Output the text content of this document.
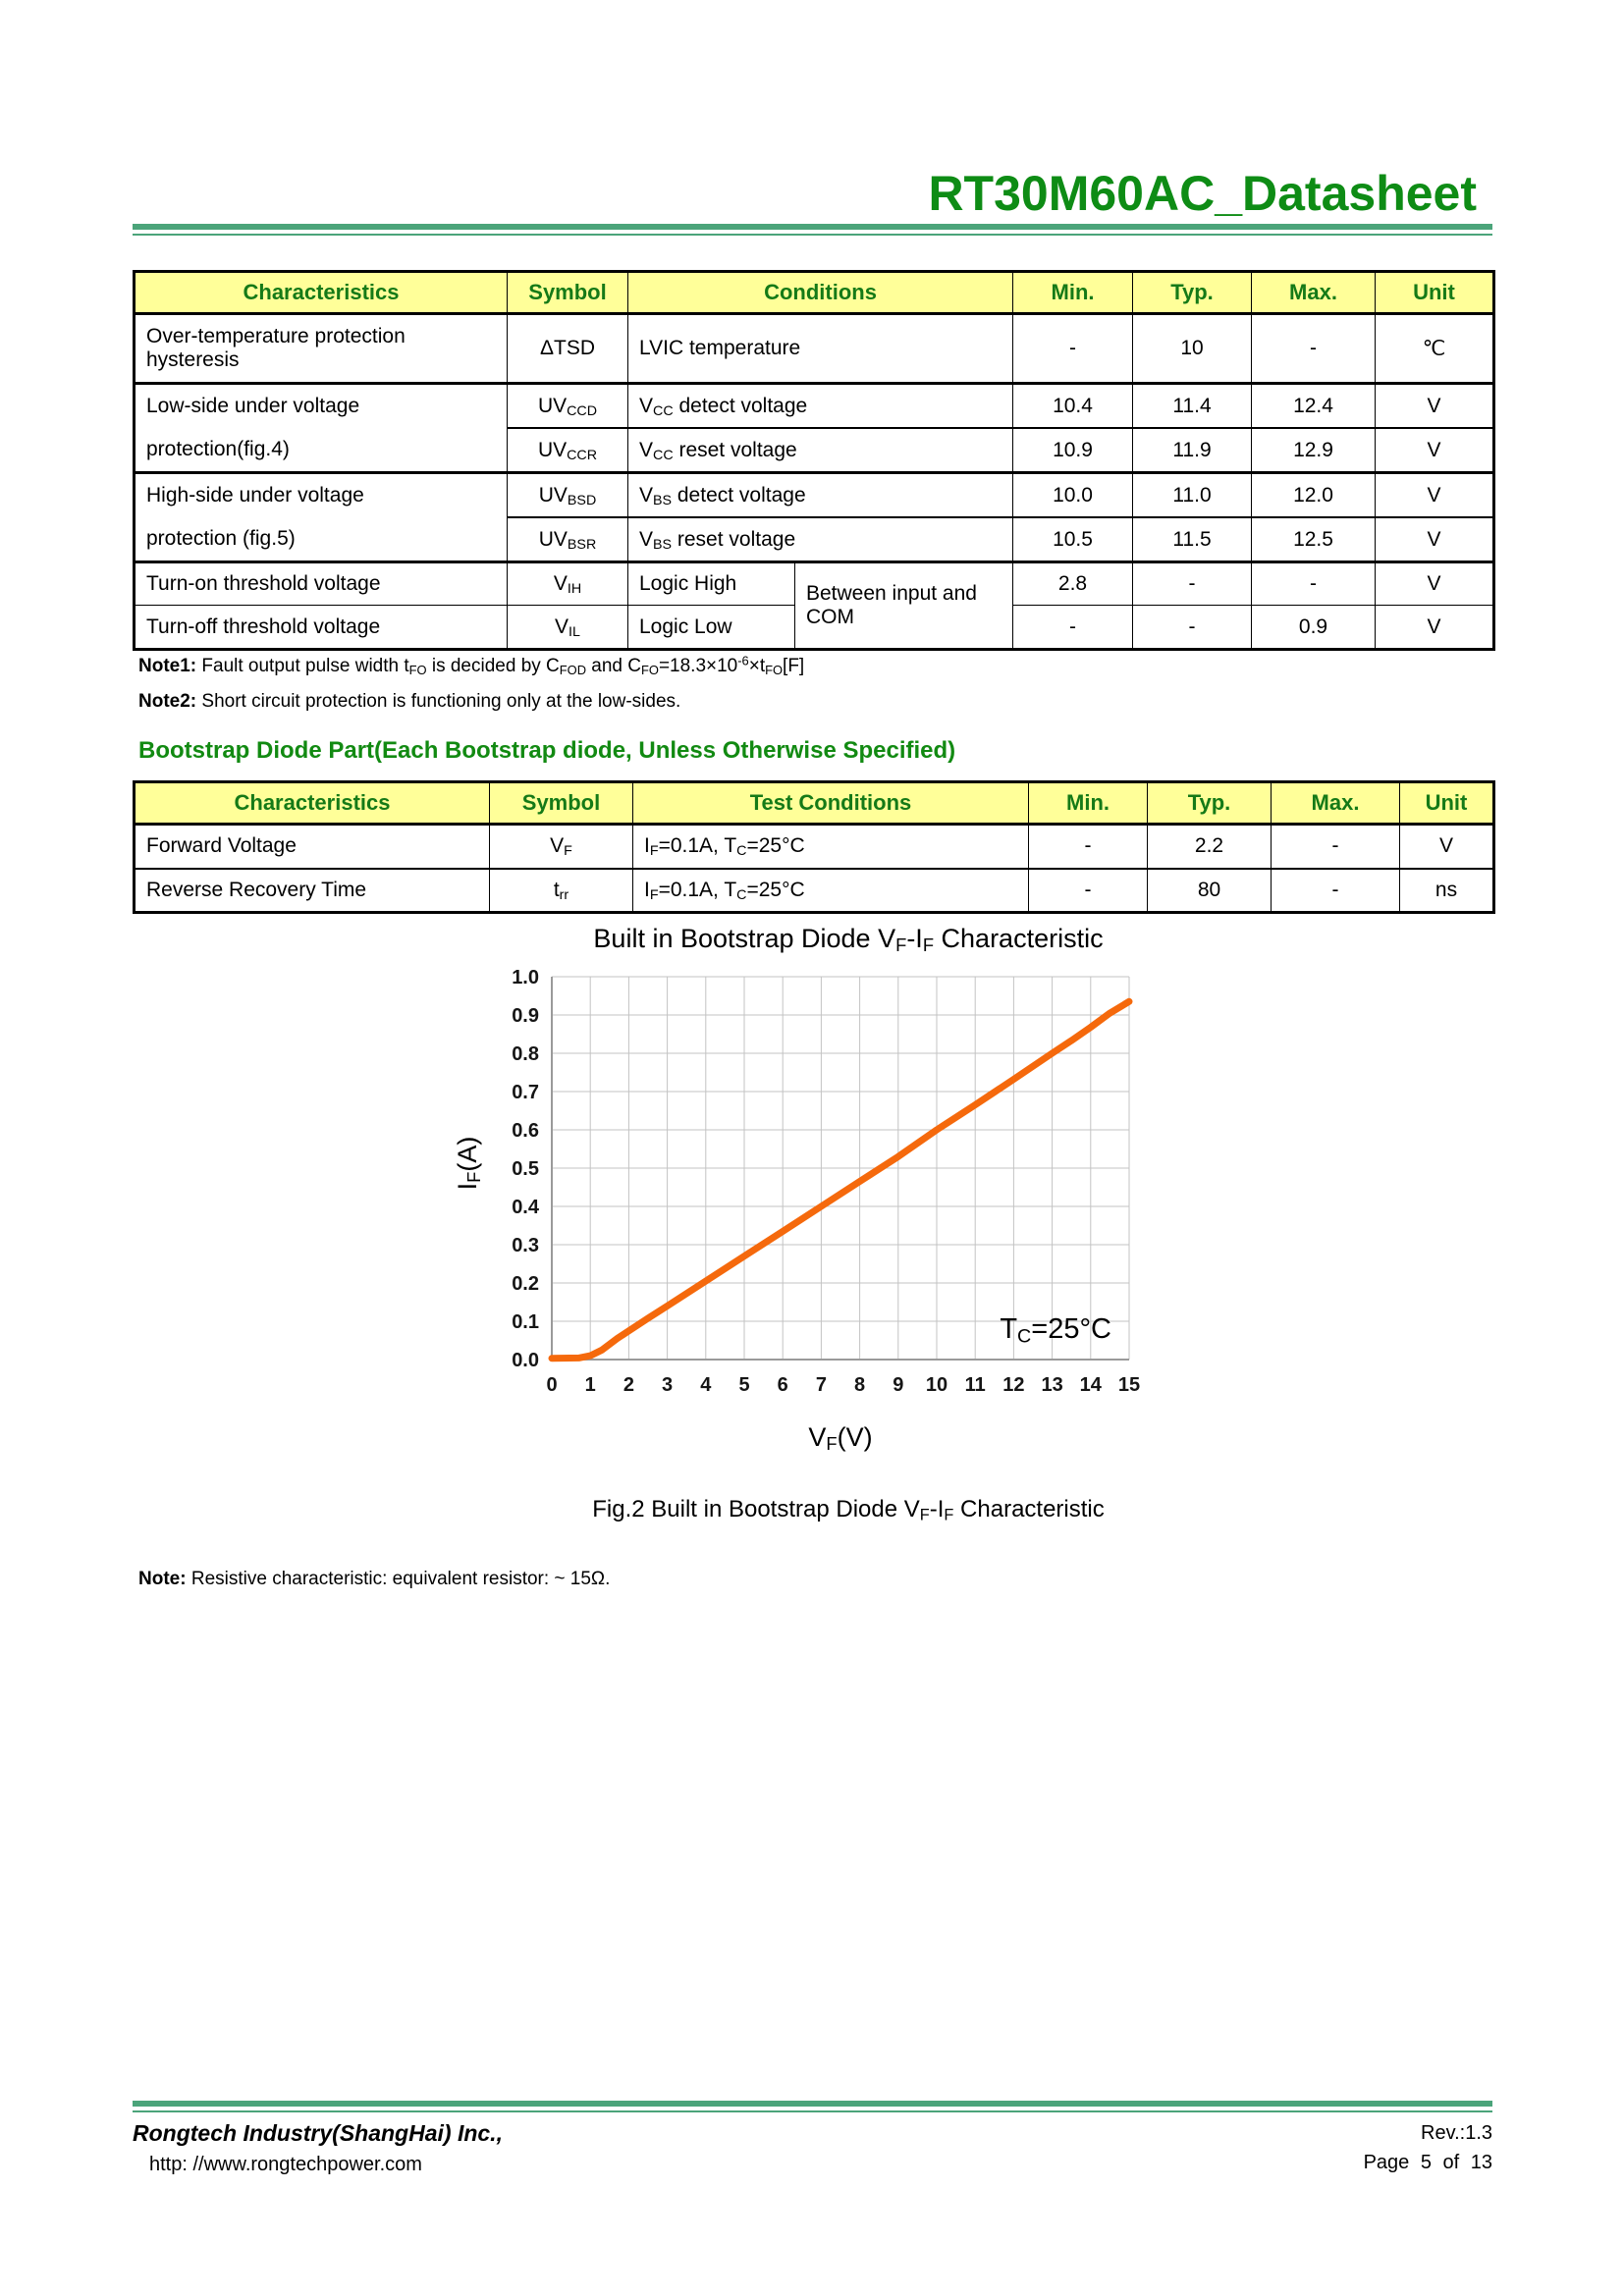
RT30M60AC_Datasheet
Characteristics	Symbol	Conditions		Min.	Typ.	Max.	Unit
Over-temperature protection hysteresis	ΔTSD	LVIC temperature		-	10	-	℃

Low-side under voltage
protection(fig.4)	$UV_{CCD}$	$V_{CC}$ detect voltage		10.4	11.4	12.4	V
	$UV_{CCR}$	$V_{CC}$ reset voltage		10.9	11.9	12.9	V

High-side under voltage
protection (fig.5)	$UV_{BSD}$	$V_{BS}$ detect voltage		10.0	11.0	12.0	V
	$UV_{BSR}$	$V_{BS}$ reset voltage		10.5	11.5	12.5	V
Turn-on threshold voltage	$V_{IH}$	Logic High	Between input and COM	2.8	-	-	V
Turn-off threshold voltage	$V_{IL}$	Logic Low		-	-	0.9	V
Note1: Fault output pulse width $t_{FO}$ is decided by $C_{FOD}$ and $C_{FO}=18.3\times 10^{-6}\times t_{FO}[F]$
Note2: Short circuit protection is functioning only at the low-sides.
Bootstrap Diode Part(Each Bootstrap diode, Unless Otherwise Specified)
Characteristics	Symbol	Test Conditions	Min.	Typ.	Max.	Unit
Forward Voltage	$V_F$	$I_F=0.1A$, $T_C=25^\circ C$	-	2.2	-	V
Reverse Recovery Time	$t_{rr}$	$I_F=0.1A$, $T_C=25^\circ C$	-	80	-	ns
Built in Bootstrap Diode $V_F-I_F$ Characteristic
0 1 2 3 4 5 6 7 8 9 10 11 12 13 14 15
0.0
0.1
0.2
0.3
0.4
0.5
0.6
0.7
0.8
0.9
1.0
$I_F(A)$
$T_C=25^\circ C$
$V_F(V)$
Fig.2 Built in Bootstrap Diode $V_F-I_F$ Characteristic
Note: Resistive characteristic: equivalent resistor: ~ 15Ω.
Rongtech Industry(ShangHai) Inc.,
http: //www.rongtechpower.com
Rev.:1.3
Page 5 of 13
